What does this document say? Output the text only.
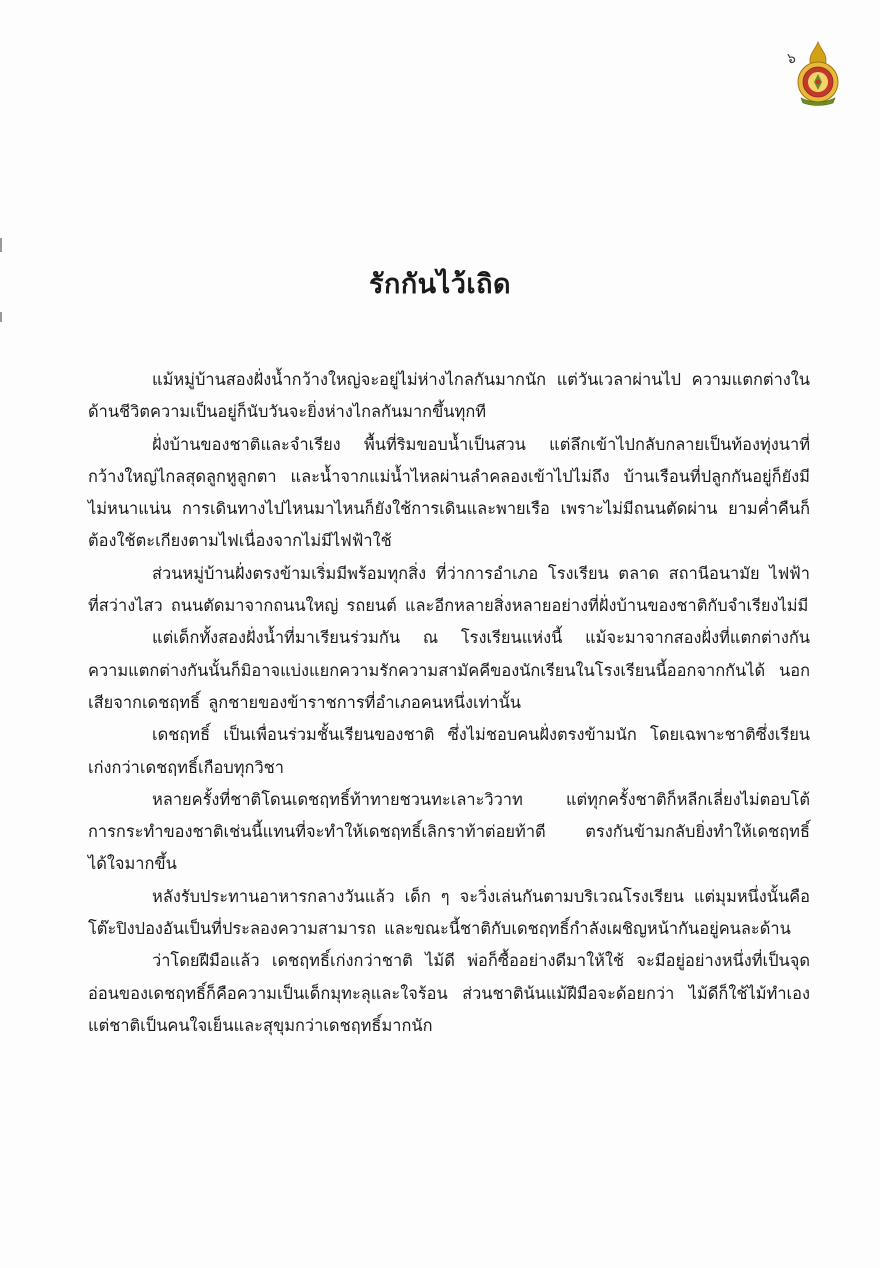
๖
รักกันไว้เถิด

แม้หมู่บ้านสองฝั่งน้ำกว้างใหญ่จะอยู่ไม่ห่างไกลกันมากนัก แต่วันเวลาผ่านไป ความแตกต่างในด้านชีวิตความเป็นอยู่ก็นับวันจะยิ่งห่างไกลกันมากขึ้นทุกที

ฝั่งบ้านของชาติและจำเรียง พื้นที่ริมขอบน้ำเป็นสวน แต่ลึกเข้าไปกลับกลายเป็นท้องทุ่งนาที่กว้างใหญ่ไกลสุดลูกหูลูกตา และน้ำจากแม่น้ำไหลผ่านลำคลองเข้าไปไม่ถึง บ้านเรือนที่ปลูกกันอยู่ก็ยังมีไม่หนาแน่น การเดินทางไปไหนมาไหนก็ยังใช้การเดินและพายเรือ เพราะไม่มีถนนตัดผ่าน ยามค่ำคืนก็ต้องใช้ตะเกียงตามไฟเนื่องจากไม่มีไฟฟ้าใช้

ส่วนหมู่บ้านฝั่งตรงข้ามเริ่มมีพร้อมทุกสิ่ง ที่ว่าการอำเภอ โรงเรียน ตลาด สถานีอนามัย ไฟฟ้าที่สว่างไสว ถนนตัดมาจากถนนใหญ่ รถยนต์ และอีกหลายสิ่งหลายอย่างที่ฝั่งบ้านของชาติกับจำเรียงไม่มี

แต่เด็กทั้งสองฝั่งน้ำที่มาเรียนร่วมกัน ณ โรงเรียนแห่งนี้ แม้จะมาจากสองฝั่งที่แตกต่างกัน ความแตกต่างกันนั้นก็มิอาจแบ่งแยกความรักความสามัคคีของนักเรียนในโรงเรียนนี้ออกจากกันได้ นอกเสียจากเดชฤทธิ์ ลูกชายของข้าราชการที่อำเภอคนหนึ่งเท่านั้น

เดชฤทธิ์ เป็นเพื่อนร่วมชั้นเรียนของชาติ ซึ่งไม่ชอบคนฝั่งตรงข้ามนัก โดยเฉพาะชาติซึ่งเรียนเก่งกว่าเดชฤทธิ์เกือบทุกวิชา

หลายครั้งที่ชาติโดนเดชฤทธิ์ท้าทายชวนทะเลาะวิวาท แต่ทุกครั้งชาติก็หลีกเลี่ยงไม่ตอบโต้ การกระทำของชาติเช่นนี้แทนที่จะทำให้เดชฤทธิ์เลิกราท้าต่อยท้าตี ตรงกันข้ามกลับยิ่งทำให้เดชฤทธิ์ได้ใจมากขึ้น

หลังรับประทานอาหารกลางวันแล้ว เด็ก ๆ จะวิ่งเล่นกันตามบริเวณโรงเรียน แต่มุมหนึ่งนั้นคือโต๊ะปิงปองอันเป็นที่ประลองความสามารถ และขณะนี้ชาติกับเดชฤทธิ์กำลังเผชิญหน้ากันอยู่คนละด้าน

ว่าโดยฝีมือแล้ว เดชฤทธิ์เก่งกว่าชาติ ไม้ดี พ่อก็ซื้ออย่างดีมาให้ใช้ จะมีอยู่อย่างหนึ่งที่เป็นจุดอ่อนของเดชฤทธิ์ก็คือความเป็นเด็กมุทะลุและใจร้อน ส่วนชาติน้นแม้ฝีมือจะด้อยกว่า ไม้ดีก็ใช้ไม้ทำเอง แต่ชาติเป็นคนใจเย็นและสุขุมกว่าเดชฤทธิ์มากนัก
